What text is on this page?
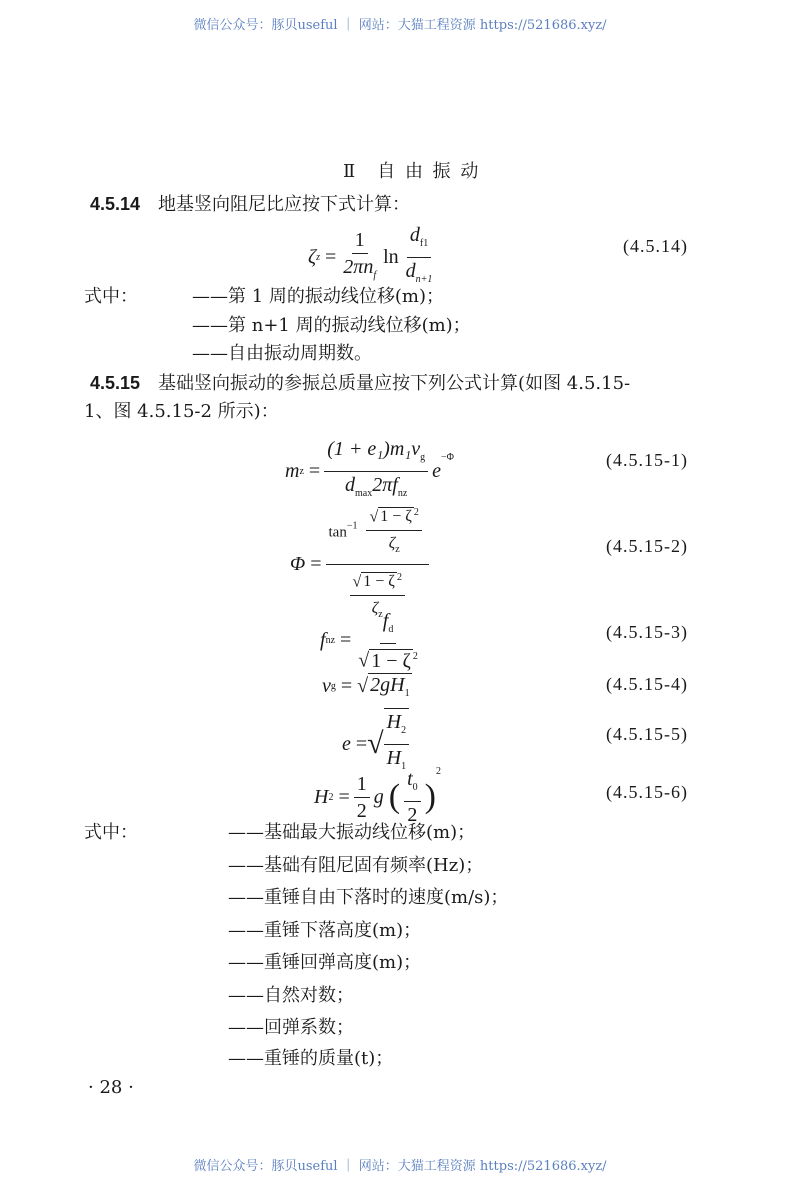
微信公众号：豚贝useful ｜ 网站：大猫工程资源 https://521686.xyz/
Ⅱ　自 由 振 动
4.5.14　 地基竖向阻尼比应按下式计算：
ζ $z = \frac{1}{2\pi n_f}$ $\ln \frac{d_{f1}}{d_{n+1}}$	(4.5.14)
式中：	——第 1 周的振动线位移(m)；
——第 n+1 周的振动线位移(m)；
——自由振动周期数。
4.5.15　 基础竖向振动的参振总质量应按下列公式计算(如图 4.5.15-
1、图 4.5.15-2 所示)：
m $z = \frac{(1 + e_1)m_1v_g}{d_{max}2\pi f_{nz}}$ e
$^{-\Phi}$	(4.5.15-1)
$\Phi = \frac{\tan^{-1} \frac{√ 1 - \zeta ^2}{\zeta_z}}{\frac{√ 1 - \zeta ^2}{\zeta_z}}$	(4.5.15-2)
f nz = $\frac{f_d}{√ 1 - \zeta ^2}$	(4.5.15-3)
v g = √ $2gH_1$	(4.5.15-4)
e = √ $\frac{H_2}{H_1}$	(4.5.15-5)
H $2 = \frac{1}{2}$ g
( $\frac{t_0}{2}$ )
2
(4.5.15-6)
式中：	——基础最大振动线位移(m)；
——基础有阻尼固有频率(Hz)；
——重锤自由下落时的速度(m/s)；
——重锤下落高度(m)；
——重锤回弹高度(m)；
——自然对数；
——回弹系数；
——重锤的质量(t)；
· 28 ·
微信公众号：豚贝useful ｜ 网站：大猫工程资源 https://521686.xyz/
